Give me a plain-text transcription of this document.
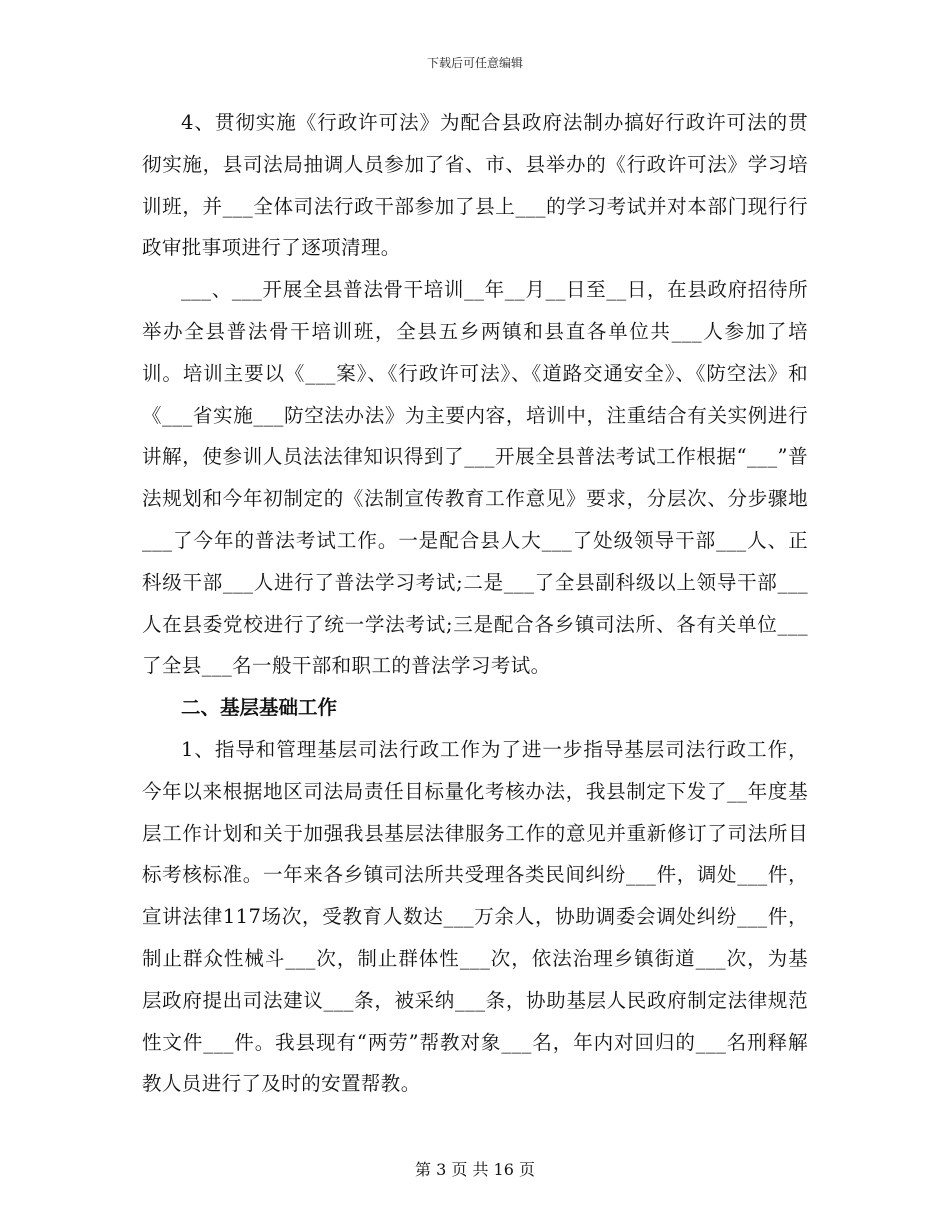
下载后可任意编辑

4、贯彻实施《行政许可法》为配合县政府法制办搞好行政许可法的贯彻实施，县司法局抽调人员参加了省、市、县举办的《行政许可法》学习培训班，并___全体司法行政干部参加了县上___的学习考试并对本部门现行行政审批事项进行了逐项清理。

___、___开展全县普法骨干培训__年__月__日至__日，在县政府招待所举办全县普法骨干培训班，全县五乡两镇和县直各单位共___人参加了培训。培训主要以《___案》、《行政许可法》、《道路交通安全》、《防空法》和《___省实施___防空法办法》为主要内容，培训中，注重结合有关实例进行讲解，使参训人员法法律知识得到了___开展全县普法考试工作根据“___”普法规划和今年初制定的《法制宣传教育工作意见》要求，分层次、分步骤地___了今年的普法考试工作。一是配合县人大___了处级领导干部___人、正科级干部___人进行了普法学习考试;二是___了全县副科级以上领导干部___人在县委党校进行了统一学法考试;三是配合各乡镇司法所、各有关单位___了全县___名一般干部和职工的普法学习考试。

二、基层基础工作

1、指导和管理基层司法行政工作为了进一步指导基层司法行政工作，今年以来根据地区司法局责任目标量化考核办法，我县制定下发了__年度基层工作计划和关于加强我县基层法律服务工作的意见并重新修订了司法所目标考核标准。一年来各乡镇司法所共受理各类民间纠纷___件，调处___件，宣讲法律117场次，受教育人数达___万余人，协助调委会调处纠纷___件，制止群众性械斗___次，制止群体性___次，依法治理乡镇街道___次，为基层政府提出司法建议___条，被采纳___条，协助基层人民政府制定法律规范性文件___件。我县现有“两劳”帮教对象___名，年内对回归的___名刑释解教人员进行了及时的安置帮教。

第 3 页 共 16 页
